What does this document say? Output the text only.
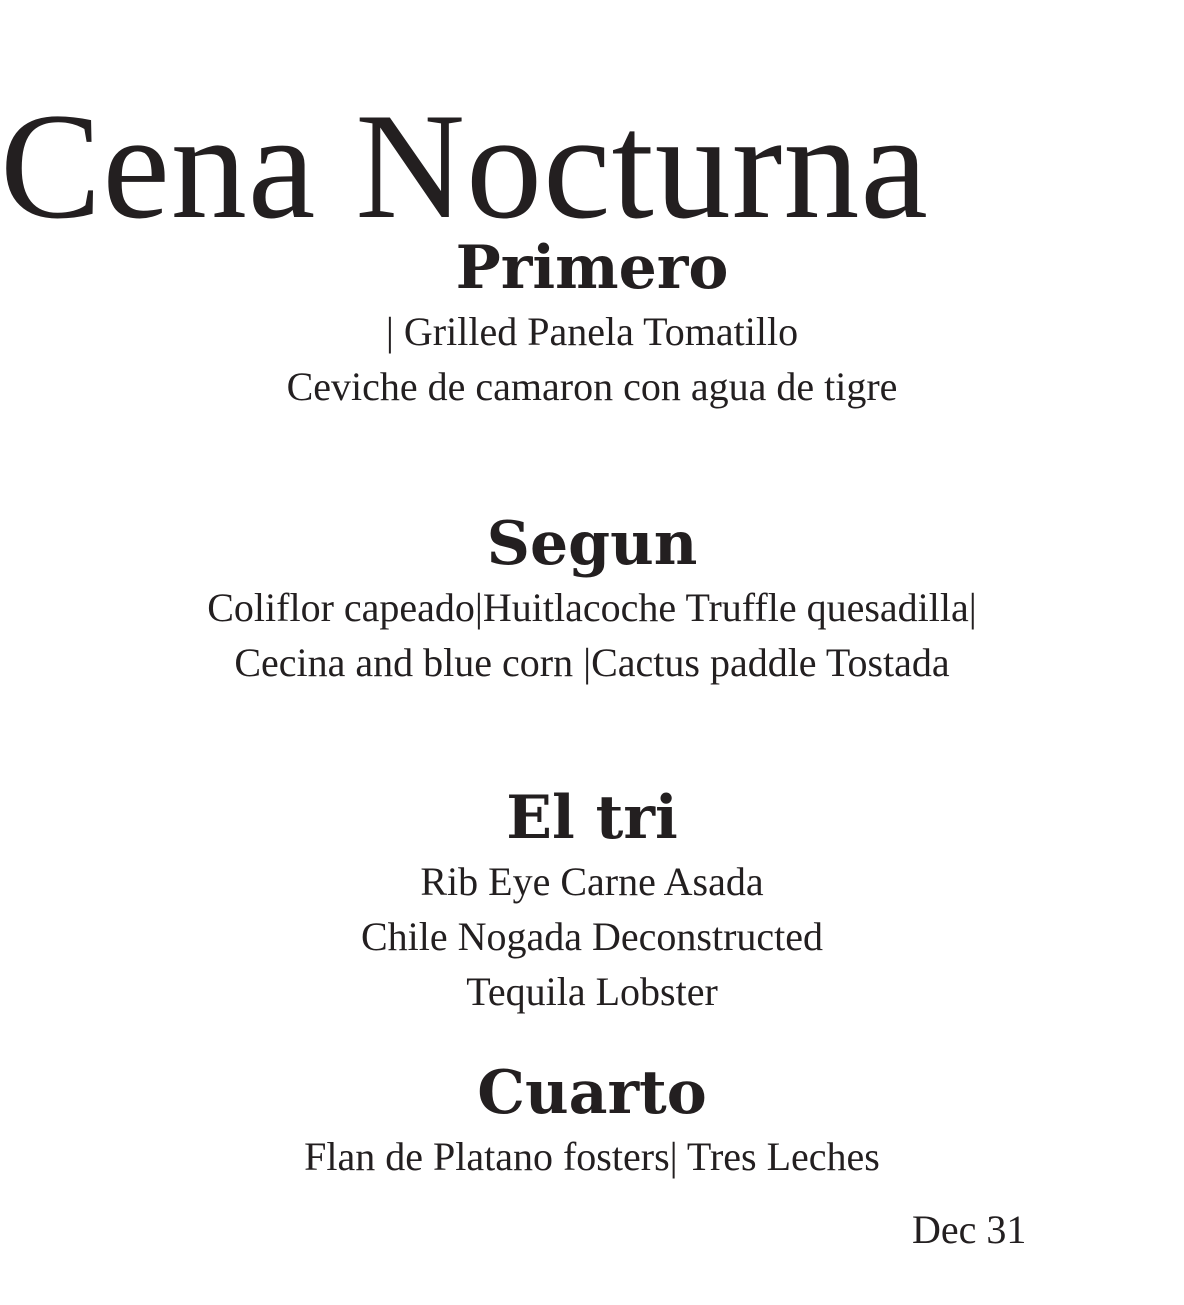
Cena Nocturna
Primero
| Grilled Panela Tomatillo
Ceviche de camaron con agua de tigre
Segun
Coliflor capeado|Huitlacoche Truffle quesadilla|
Cecina and blue corn |Cactus paddle Tostada
El tri
Rib Eye Carne Asada
Chile Nogada Deconstructed
Tequila Lobster
Cuarto
Flan de Platano fosters| Tres Leches
Dec 31
